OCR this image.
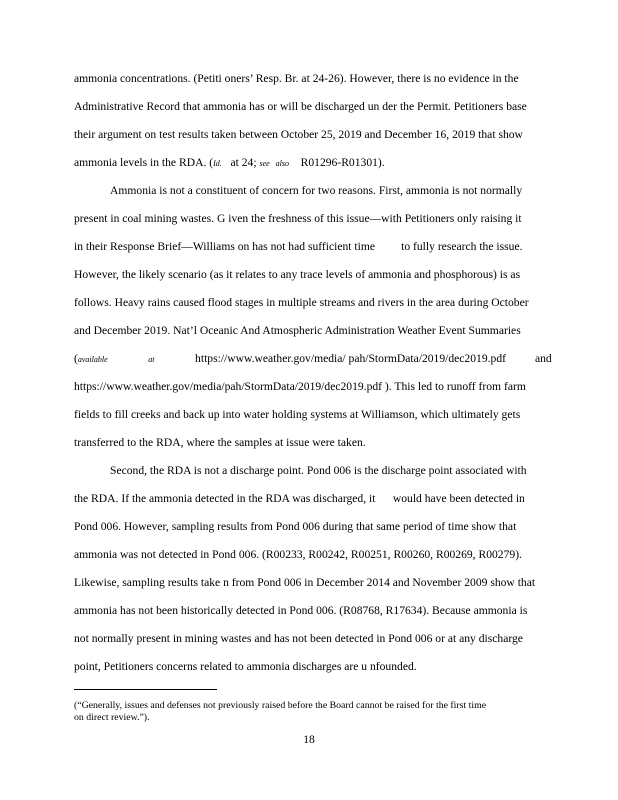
ammonia concentrations. (Petiti oners’ Resp. Br. at 24-26). However, there is no evidence in the
Administrative Record that ammonia has or will be discharged un der the Permit. Petitioners base
their argument on test results taken between October 25, 2019 and December 16, 2019 that show
ammonia levels in the RDA. (Id.   at 24; see   also    R01296-R01301).
Ammonia is not a constituent of concern for two reasons. First, ammonia is not normally
present in coal mining wastes. G iven the freshness of this issue—with Petitioners only raising it
in their Response Brief—Williams on has not had sufficient time         to fully research the issue.
However, the likely scenario (as it relates to any trace levels of ammonia and phosphorous) is as
follows. Heavy rains caused flood stages in multiple streams and rivers in the area during October
and December 2019. Nat’l Oceanic And Atmospheric Administration Weather Event Summaries
(available	at              https://www.weather.gov/media/ pah/StormData/2019/dec2019.pdf          and
https://www.weather.gov/media/pah/StormData/2019/dec2019.pdf ). This led to runoff from farm
fields to fill creeks and back up into water holding systems at Williamson, which ultimately gets
transferred to the RDA, where the samples at issue were taken.
Second, the RDA is not a discharge point. Pond 006 is the discharge point associated with
the RDA. If the ammonia detected in the RDA was discharged, it      would have been detected in
Pond 006. However, sampling results from Pond 006 during that same period of time show that
ammonia was not detected in Pond 006. (R00233, R00242, R00251, R00260, R00269, R00279).
Likewise, sampling results take n from Pond 006 in December 2014 and November 2009 show that
ammonia has not been historically detected in Pond 006. (R08768, R17634). Because ammonia is
not normally present in mining wastes and has not been detected in Pond 006 or at any discharge
point, Petitioners concerns related to ammonia discharges are u nfounded.
(“Generally, issues and defenses not previously raised before the Board cannot be raised for the first time
on direct review.”).
18
